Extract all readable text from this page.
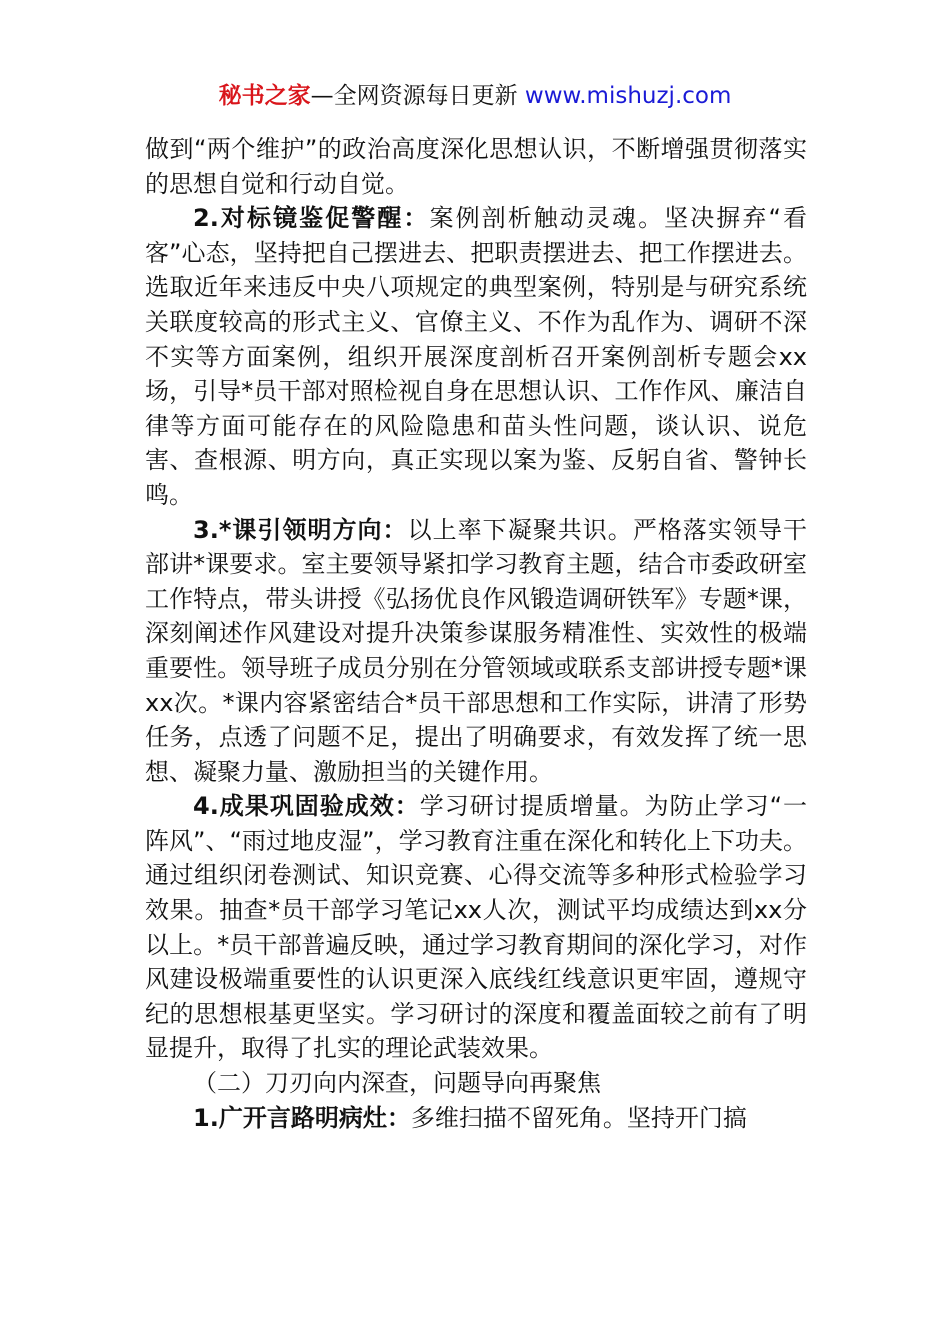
秘书之家—全网资源每日更新 www.mishuzj.com

做到“两个维护”的政治高度深化思想认识，不断增强贯彻落实的思想自觉和行动自觉。

2.对标镜鉴促警醒：案例剖析触动灵魂。坚决摒弃“看客”心态，坚持把自己摆进去、把职责摆进去、把工作摆进去。选取近年来违反中央八项规定的典型案例，特别是与研究系统关联度较高的形式主义、官僚主义、不作为乱作为、调研不深不实等方面案例，组织开展深度剖析召开案例剖析专题会xx场，引导*员干部对照检视自身在思想认识、工作作风、廉洁自律等方面可能存在的风险隐患和苗头性问题，谈认识、说危害、查根源、明方向，真正实现以案为鉴、反躬自省、警钟长鸣。

3.*课引领明方向：以上率下凝聚共识。严格落实领导干部讲*课要求。室主要领导紧扣学习教育主题，结合市委政研室工作特点，带头讲授《弘扬优良作风锻造调研铁军》专题*课，深刻阐述作风建设对提升决策参谋服务精准性、实效性的极端重要性。领导班子成员分别在分管领域或联系支部讲授专题*课xx次。*课内容紧密结合*员干部思想和工作实际，讲清了形势任务，点透了问题不足，提出了明确要求，有效发挥了统一思想、凝聚力量、激励担当的关键作用。

4.成果巩固验成效：学习研讨提质增量。为防止学习“一阵风”、“雨过地皮湿”，学习教育注重在深化和转化上下功夫。通过组织闭卷测试、知识竞赛、心得交流等多种形式检验学习效果。抽查*员干部学习笔记xx人次，测试平均成绩达到xx分以上。*员干部普遍反映，通过学习教育期间的深化学习，对作风建设极端重要性的认识更深入底线红线意识更牢固，遵规守纪的思想根基更坚实。学习研讨的深度和覆盖面较之前有了明显提升，取得了扎实的理论武装效果。

（二）刀刃向内深查，问题导向再聚焦

1.广开言路明病灶：多维扫描不留死角。坚持开门搞
